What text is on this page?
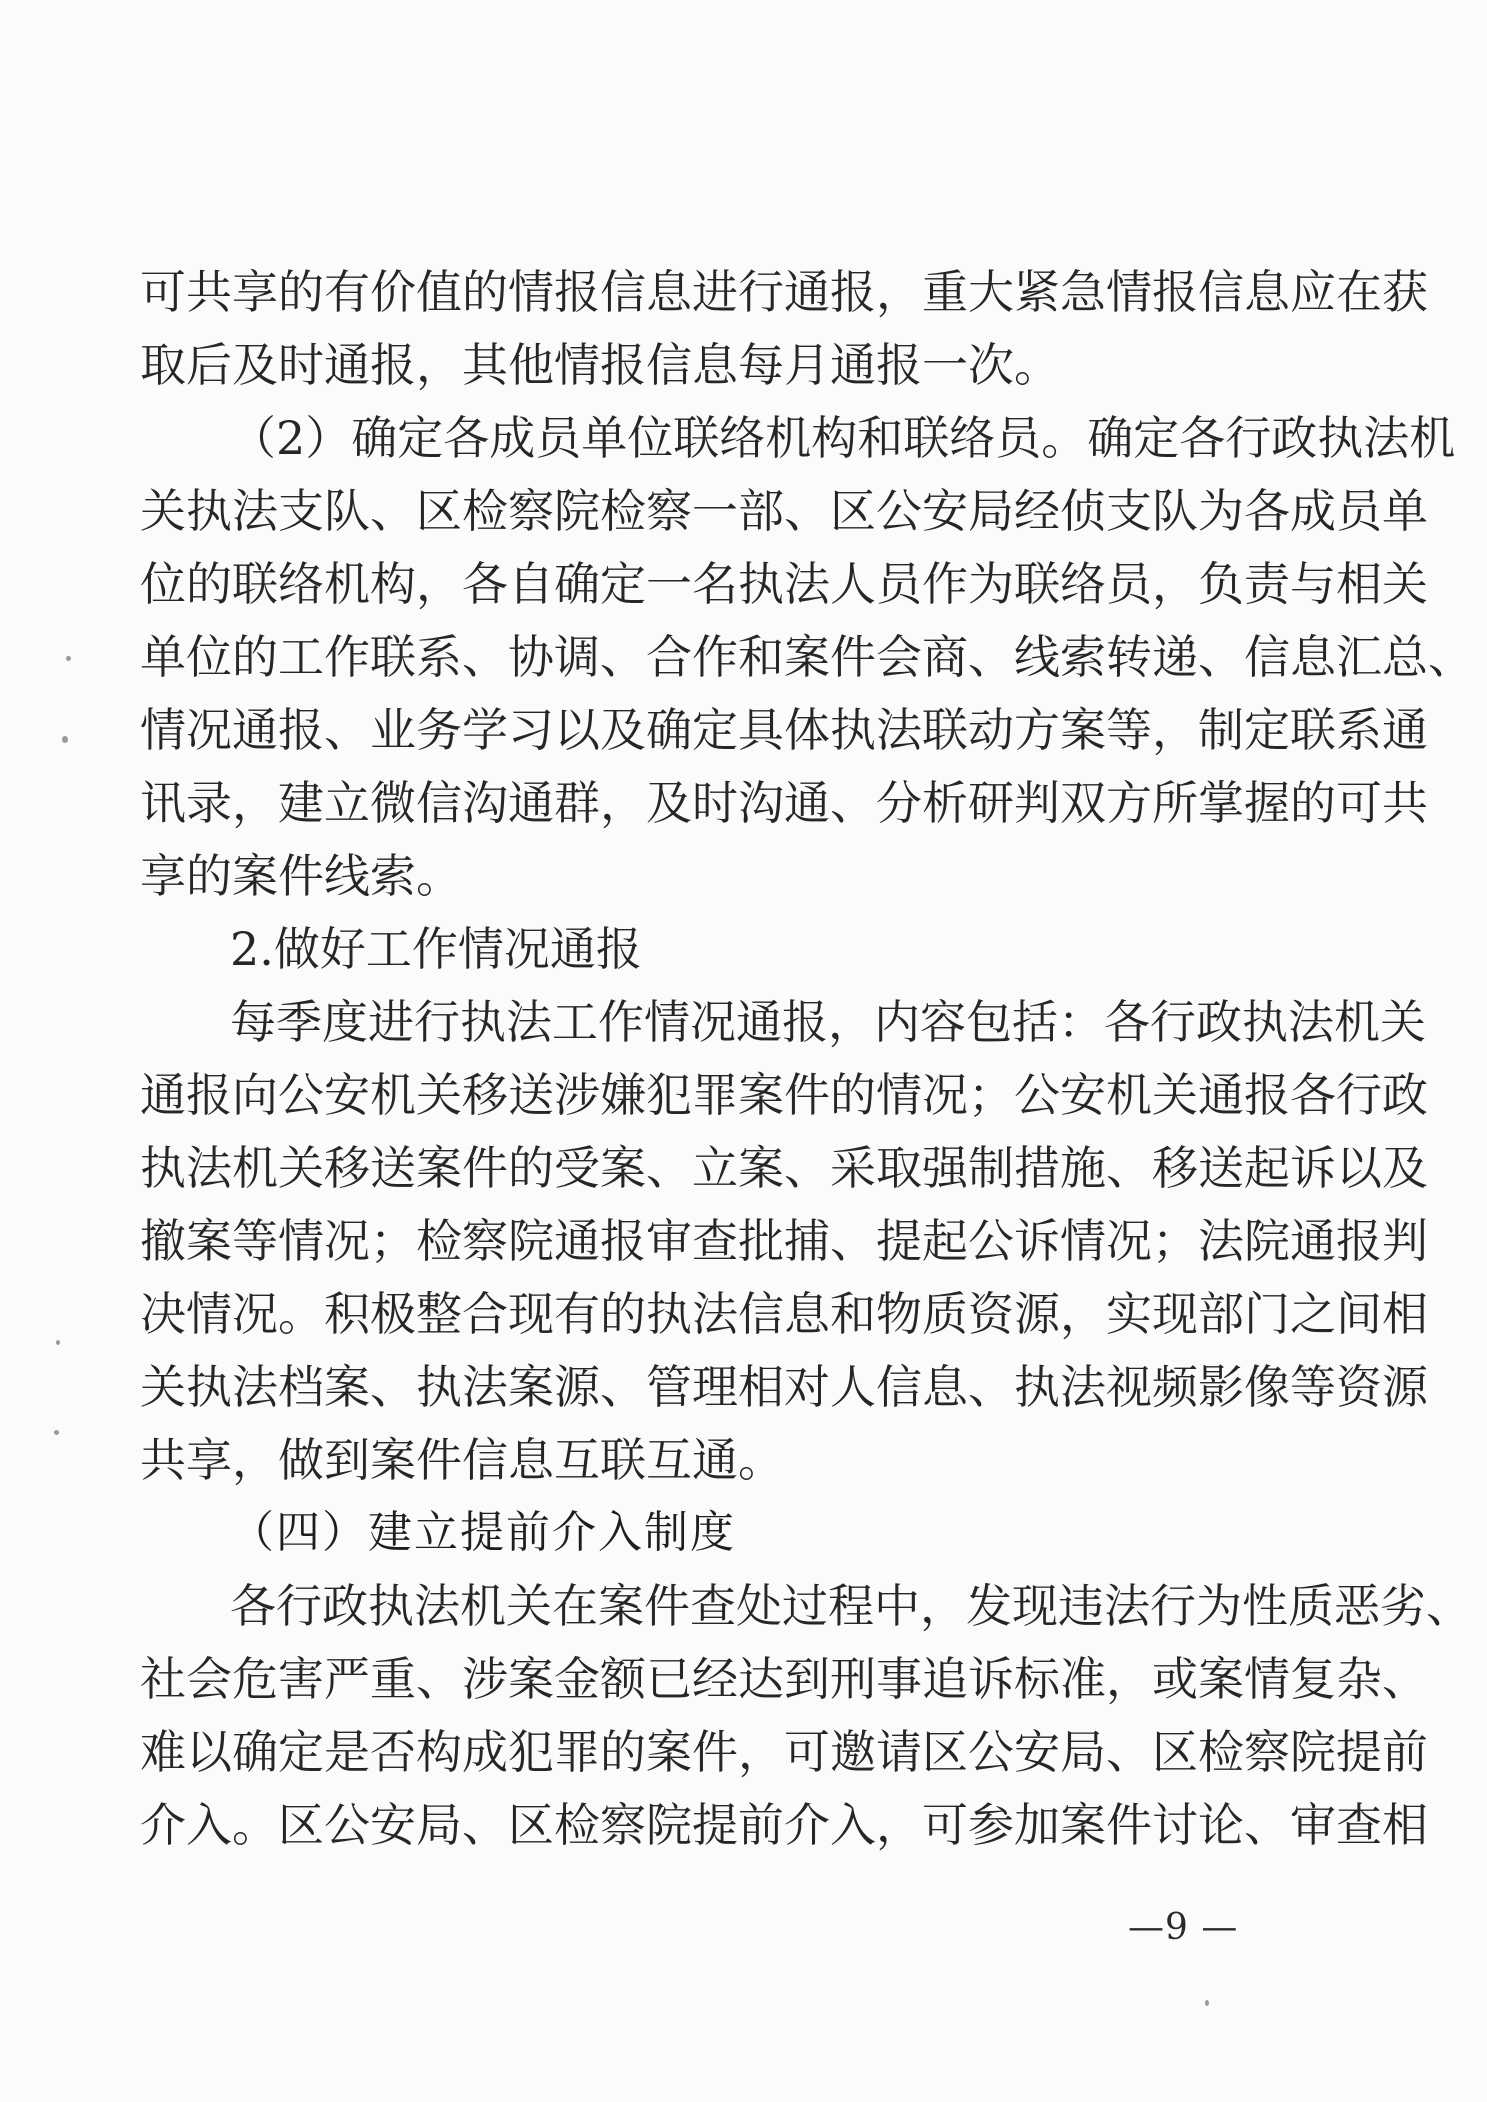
可共享的有价值的情报信息进行通报，重大紧急情报信息应在获
取后及时通报，其他情报信息每月通报一次。
（2）确定各成员单位联络机构和联络员。确定各行政执法机
关执法支队、区检察院检察一部、区公安局经侦支队为各成员单
位的联络机构，各自确定一名执法人员作为联络员，负责与相关
单位的工作联系、协调、合作和案件会商、线索转递、信息汇总、
情况通报、业务学习以及确定具体执法联动方案等，制定联系通
讯录，建立微信沟通群，及时沟通、分析研判双方所掌握的可共
享的案件线索。
2.做好工作情况通报
每季度进行执法工作情况通报，内容包括：各行政执法机关
通报向公安机关移送涉嫌犯罪案件的情况；公安机关通报各行政
执法机关移送案件的受案、立案、采取强制措施、移送起诉以及
撤案等情况；检察院通报审查批捕、提起公诉情况；法院通报判
决情况。积极整合现有的执法信息和物质资源，实现部门之间相
关执法档案、执法案源、管理相对人信息、执法视频影像等资源
共享，做到案件信息互联互通。
（四）建立提前介入制度
各行政执法机关在案件查处过程中，发现违法行为性质恶劣、
社会危害严重、涉案金额已经达到刑事追诉标准，或案情复杂、
难以确定是否构成犯罪的案件，可邀请区公安局、区检察院提前
介入。区公安局、区检察院提前介入，可参加案件讨论、审查相
—9 —
